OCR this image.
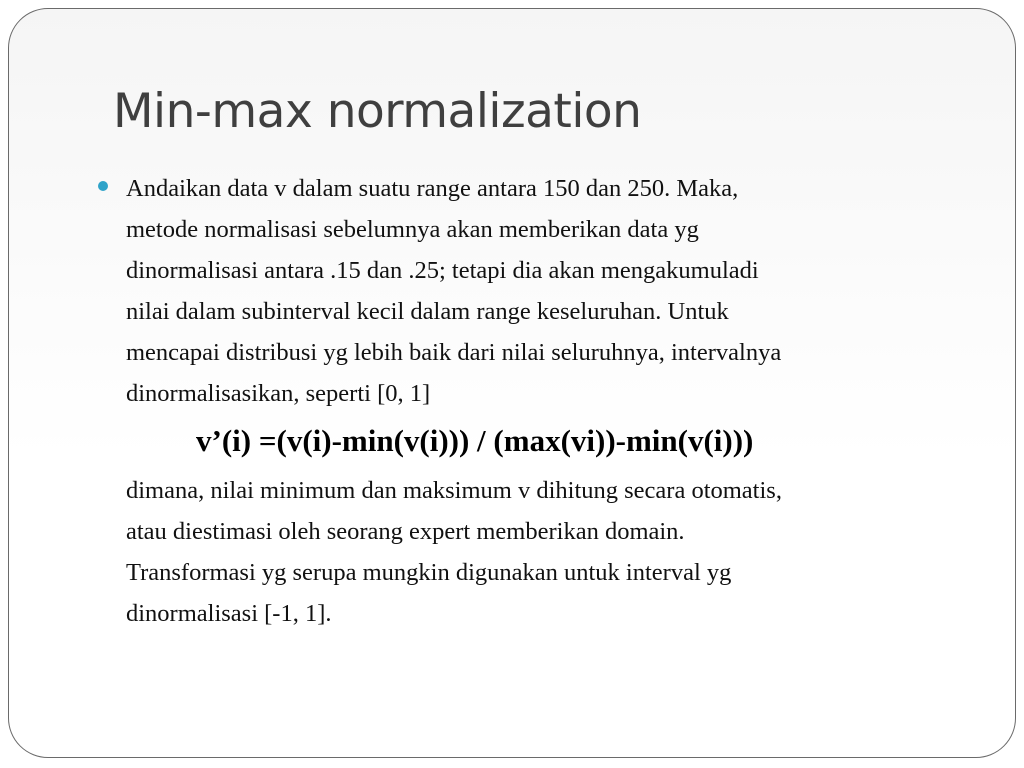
Min-max normalization
Andaikan data v dalam suatu range antara 150 dan 250. Maka,
metode normalisasi sebelumnya akan memberikan data yg
dinormalisasi antara .15 dan .25; tetapi dia akan mengakumuladi
nilai dalam subinterval kecil dalam range keseluruhan. Untuk
mencapai distribusi yg lebih baik dari nilai seluruhnya, intervalnya
dinormalisasikan, seperti [0, 1]
v’(i) =(v(i)-min(v(i))) / (max(vi))-min(v(i)))
dimana, nilai minimum dan maksimum v dihitung secara otomatis,
atau diestimasi oleh seorang expert memberikan domain.
Transformasi yg serupa mungkin digunakan untuk interval yg
dinormalisasi [-1, 1].
